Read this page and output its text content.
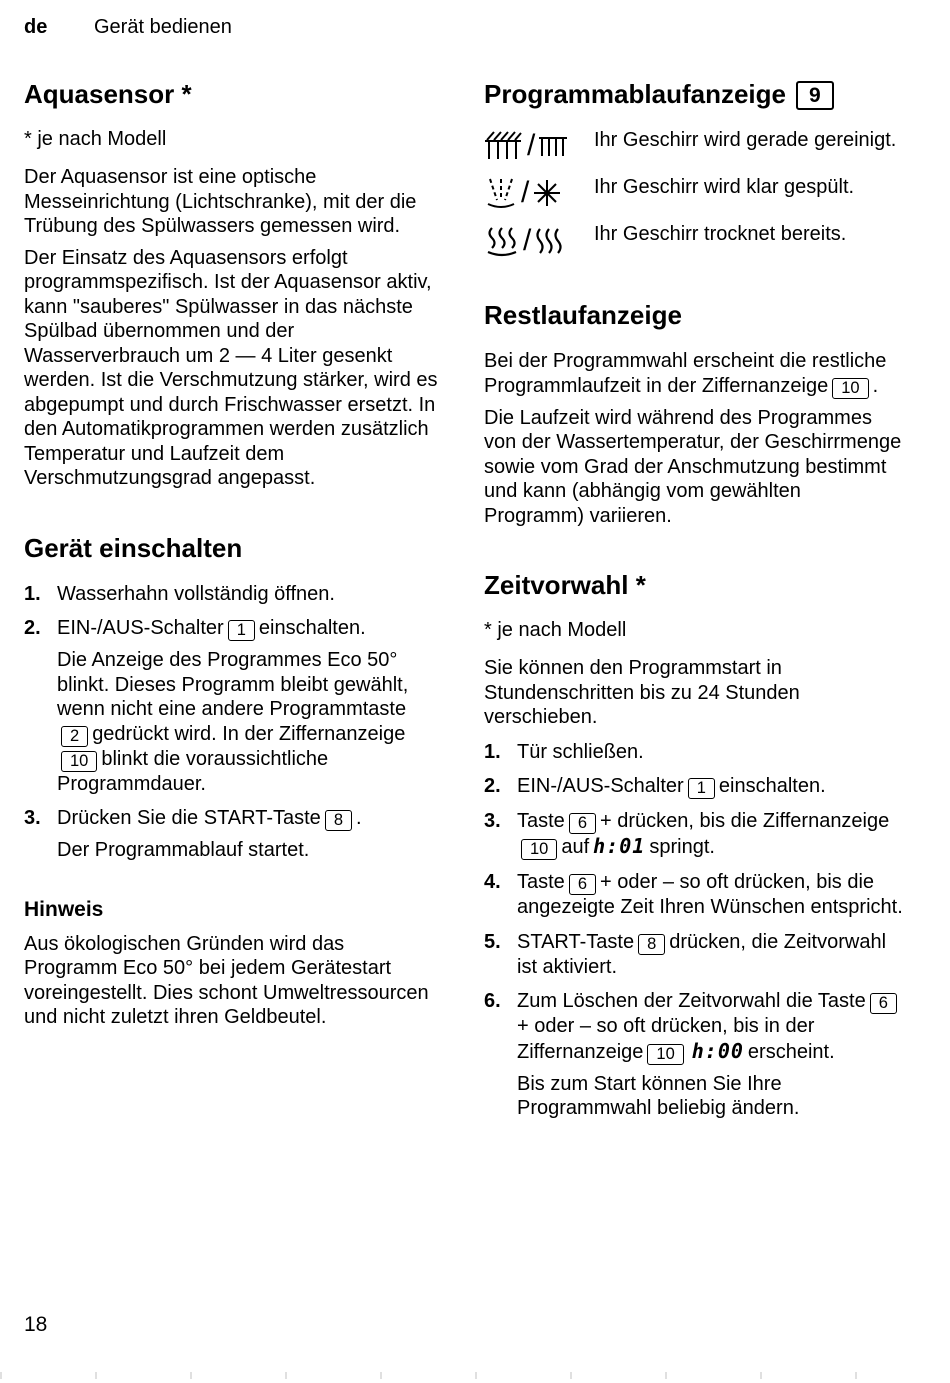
de	Gerät bedienen
Aquasensor *

* je nach Modell

Der Aquasensor ist eine optische Messeinrichtung (Lichtschranke), mit der die Trübung des Spülwassers gemessen wird.

Der Einsatz des Aquasensors erfolgt programmspezifisch. Ist der Aquasensor aktiv, kann "sauberes" Spülwasser in das nächste Spülbad übernommen und der Wasserverbrauch um 2 — 4 Liter gesenkt werden. Ist die Verschmutzung stärker, wird es abgepumpt und durch Frischwasser ersetzt. In den Automatikprogrammen werden zusätzlich Temperatur und Laufzeit dem Verschmutzungsgrad angepasst.

Gerät einschalten
1. Wasserhahn vollständig öffnen.

2. EIN-/AUS-Schalter 1 einschalten.

Die Anzeige des Programmes Eco 50° blinkt. Dieses Programm bleibt gewählt, wenn nicht eine andere Programmtaste2 gedrückt wird. In der Ziffernanzeige10 blinkt die voraussichtliche Programmdauer.

3. Drücken Sie die START-Taste 8 .

Der Programmablauf startet.

Hinweis

Aus ökologischen Gründen wird das Programm Eco 50° bei jedem Gerätestart voreingestellt. Dies schont Umweltressourcen und nicht zuletzt ihren Geldbeutel.

Programmablaufanzeige 9
/	Ihr Geschirr wird gerade gereinigt.

/	Ihr Geschirr wird klar gespült.

/	Ihr Geschirr trocknet bereits.

Restlaufanzeige

Bei der Programmwahl erscheint die restliche Programmlaufzeit in der Ziffernanzeige 10 .

Die Laufzeit wird während des Programmes von der Wassertemperatur, der Geschirrmenge sowie vom Grad der Anschmutzung bestimmt und kann (abhängig vom gewählten Programm) variieren.

Zeitvorwahl *

* je nach Modell

Sie können den Programmstart in Stundenschritten bis zu 24 Stunden verschieben.

1. Tür schließen.

2. EIN-/AUS-Schalter 1 einschalten.

3. Taste 6 + drücken, bis die Ziffernanzeige10 auf h:01 springt.

4. Taste 6 + oder – so oft drücken, bis die angezeigte Zeit Ihren Wünschen entspricht.

5. START-Taste 8 drücken, die Zeitvorwahl ist aktiviert.

6. Zum Löschen der Zeitvorwahl die Taste 6+ oder – so oft drücken, bis in der Ziffernanzeige 10 h:00 erscheint.

Bis zum Start können Sie Ihre Programmwahl beliebig ändern.

18
